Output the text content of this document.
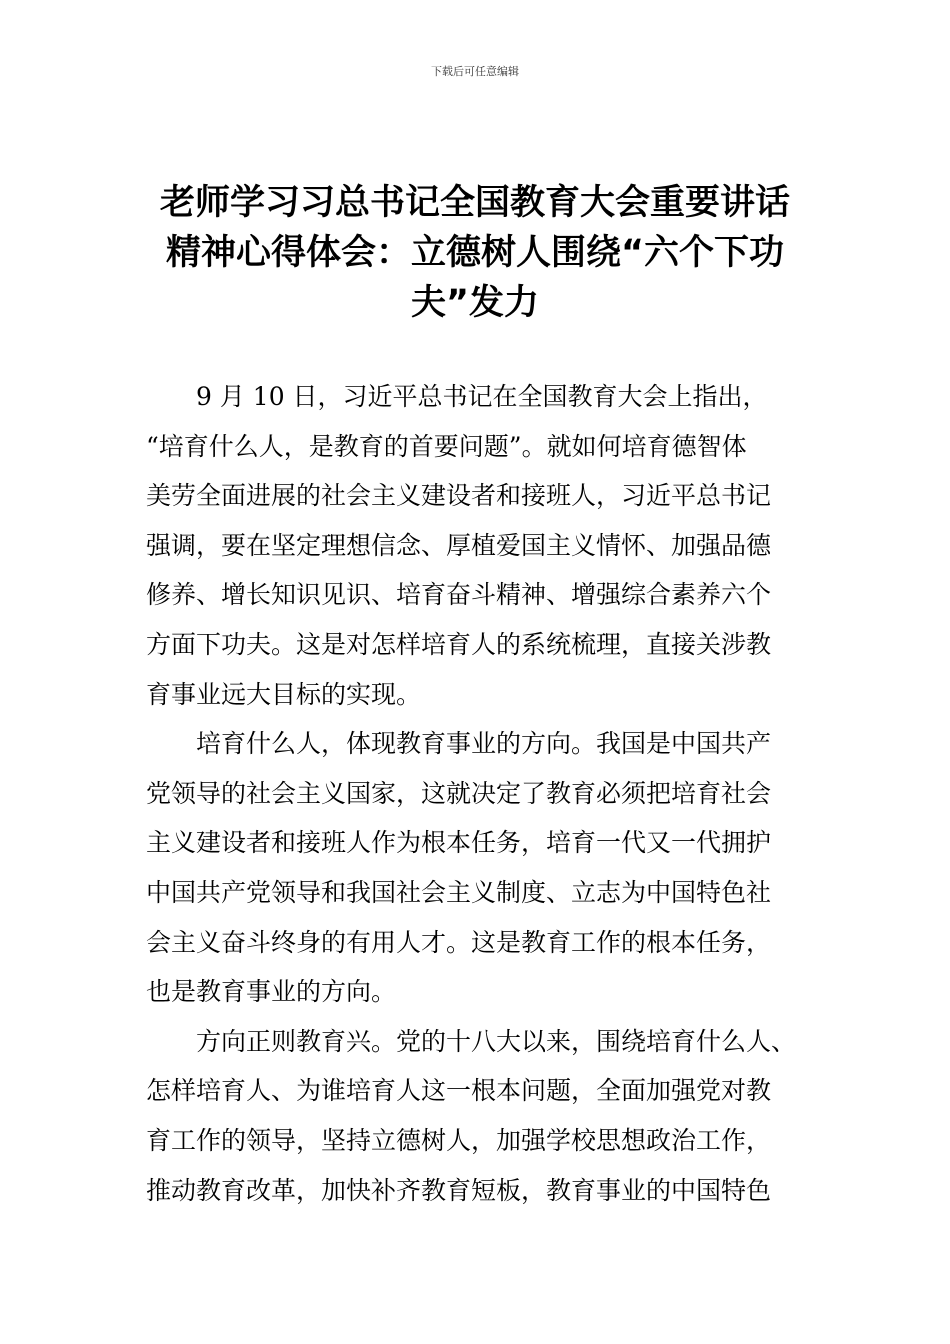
下载后可任意编辑
老师学习习总书记全国教育大会重要讲话
精神心得体会：立德树人围绕“六个下功
夫”发力
9 月 10 日，习近平总书记在全国教育大会上指出，
“培育什么人，是教育的首要问题”。就如何培育德智体
美劳全面进展的社会主义建设者和接班人，习近平总书记
强调，要在坚定理想信念、厚植爱国主义情怀、加强品德
修养、增长知识见识、培育奋斗精神、增强综合素养六个
方面下功夫。这是对怎样培育人的系统梳理，直接关涉教
育事业远大目标的实现。
培育什么人，体现教育事业的方向。我国是中国共产
党领导的社会主义国家，这就决定了教育必须把培育社会
主义建设者和接班人作为根本任务，培育一代又一代拥护
中国共产党领导和我国社会主义制度、立志为中国特色社
会主义奋斗终身的有用人才。这是教育工作的根本任务，
也是教育事业的方向。
方向正则教育兴。党的十八大以来，围绕培育什么人、
怎样培育人、为谁培育人这一根本问题，全面加强党对教
育工作的领导，坚持立德树人，加强学校思想政治工作，
推动教育改革，加快补齐教育短板，教育事业的中国特色
